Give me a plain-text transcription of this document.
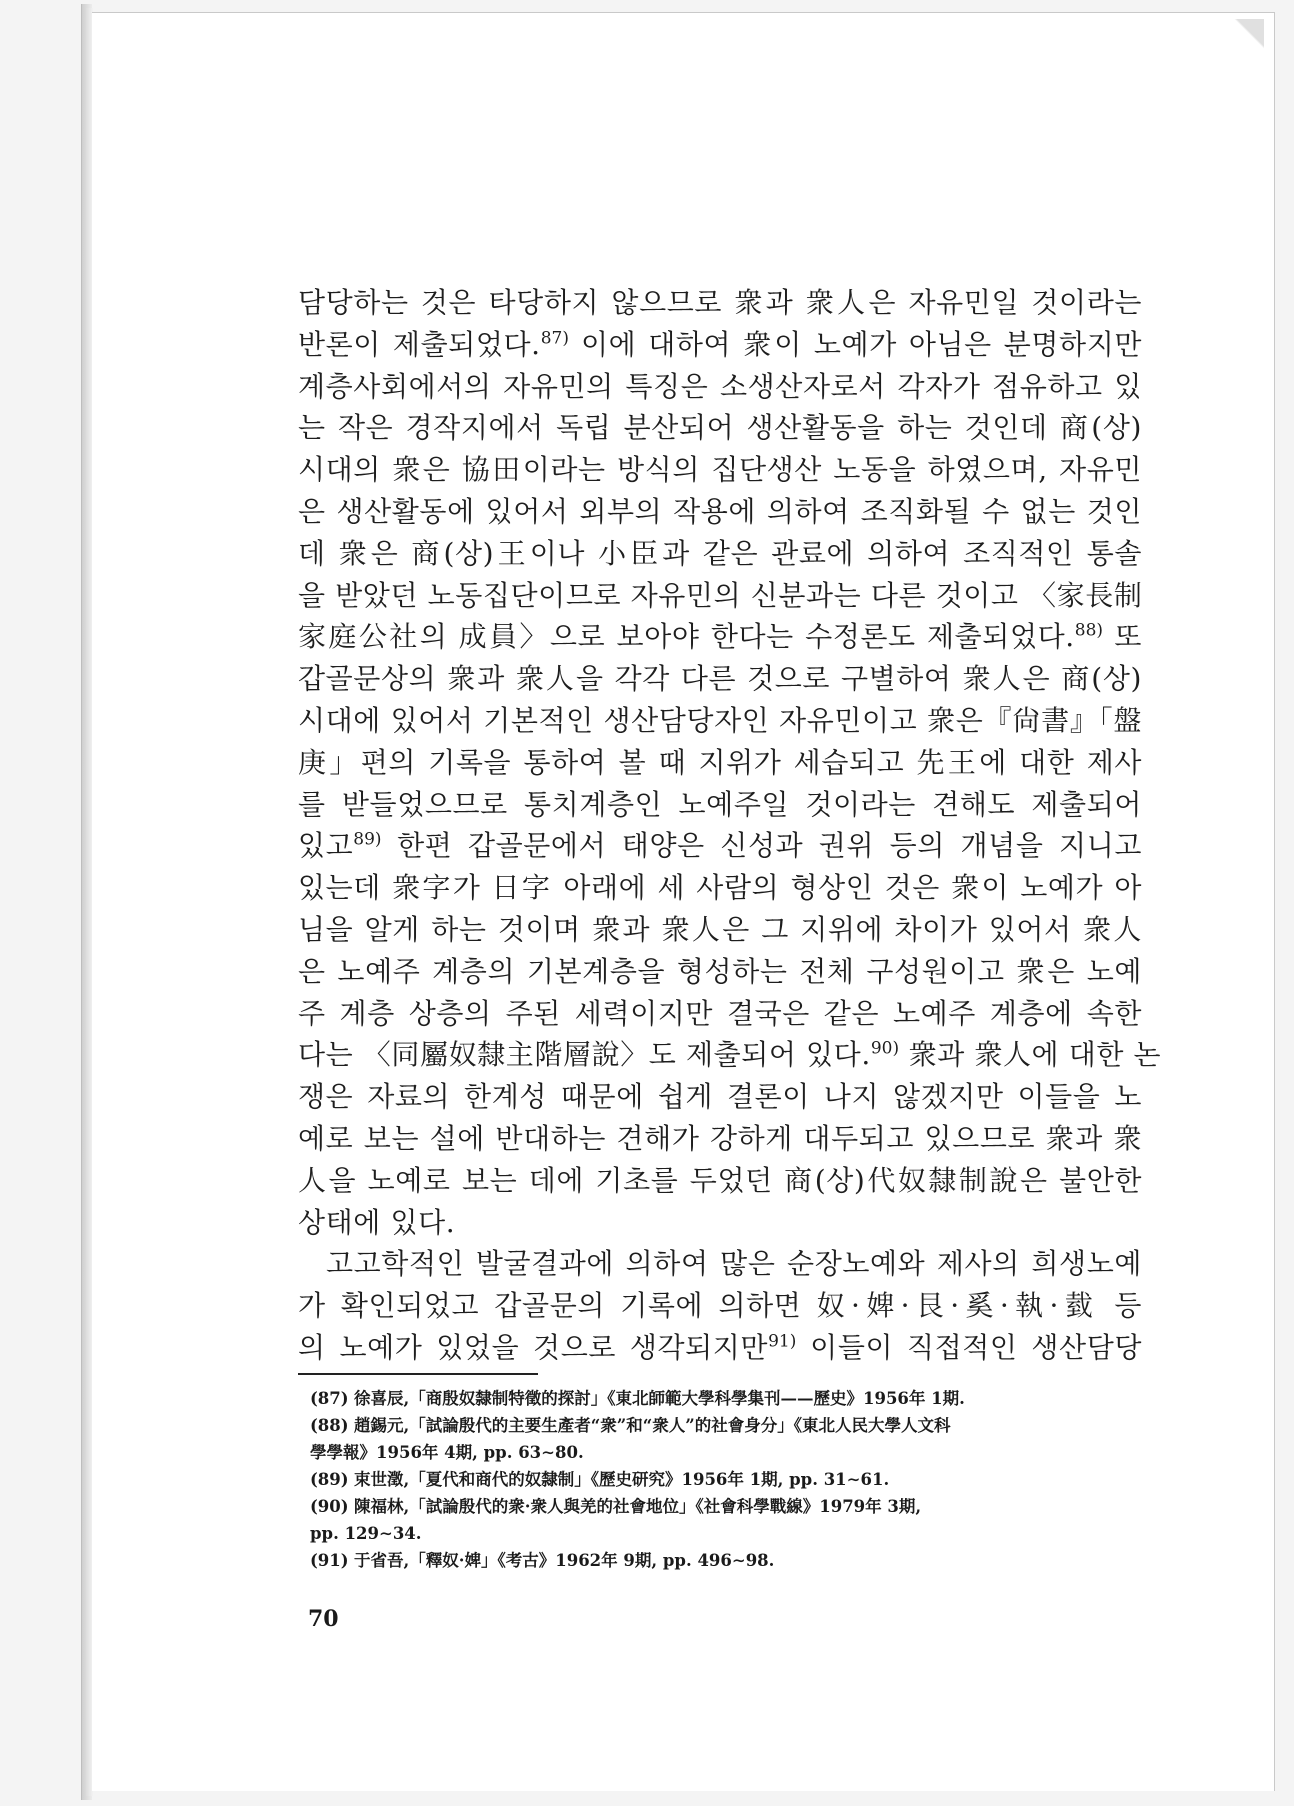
담당하는 것은 타당하지 않으므로 衆과 衆人은 자유민일 것이라는
반론이 제출되었다.$^{87)}$ 이에 대하여 衆이 노예가 아님은 분명하지만
계층사회에서의 자유민의 특징은 소생산자로서 각자가 점유하고 있
는 작은 경작지에서 독립 분산되어 생산활동을 하는 것인데 商(상)
시대의 衆은 協田이라는 방식의 집단생산 노동을 하였으며, 자유민
은 생산활동에 있어서 외부의 작용에 의하여 조직화될 수 없는 것인
데 衆은 商(상)王이나 小臣과 같은 관료에 의하여 조직적인 통솔
을 받았던 노동집단이므로 자유민의 신분과는 다른 것이고 〈家長制
家庭公社의 成員〉으로 보아야 한다는 수정론도 제출되었다.$^{88)}$ 또
갑골문상의 衆과 衆人을 각각 다른 것으로 구별하여 衆人은 商(상)
시대에 있어서 기본적인 생산담당자인 자유민이고 衆은『尙書』「盤
庚」편의 기록을 통하여 볼 때 지위가 세습되고 先王에 대한 제사
를 받들었으므로 통치계층인 노예주일 것이라는 견해도 제출되어
있고$^{89)}$ 한편 갑골문에서 태양은 신성과 권위 등의 개념을 지니고
있는데 衆字가 日字 아래에 세 사람의 형상인 것은 衆이 노예가 아
님을 알게 하는 것이며 衆과 衆人은 그 지위에 차이가 있어서 衆人
은 노예주 계층의 기본계층을 형성하는 전체 구성원이고 衆은 노예
주 계층 상층의 주된 세력이지만 결국은 같은 노예주 계층에 속한
다는 〈同屬奴隸主階層說〉도 제출되어 있다.$^{90)}$ 衆과 衆人에 대한 논
쟁은 자료의 한계성 때문에 쉽게 결론이 나지 않겠지만 이들을 노
예로 보는 설에 반대하는 견해가 강하게 대두되고 있으므로 衆과 衆
人을 노예로 보는 데에 기초를 두었던 商(상)代奴隸制說은 불안한
상태에 있다.
고고학적인 발굴결과에 의하여 많은 순장노예와 제사의 희생노예
가 확인되었고 갑골문의 기록에 의하면 奴·婢·艮·奚·執·臷 등
의 노예가 있었을 것으로 생각되지만$^{91)}$ 이들이 직접적인 생산담당
(87) 徐喜辰,「商殷奴隸制特徵的探討」《東北師範大學科學集刊——歷史》1956年 1期.
(88) 趙錫元,「試論殷代的主要生產者“衆”和“衆人”的社會身分」《東北人民大學人文科
學學報》1956年 4期, pp. 63∼80.
(89) 束世澂,「夏代和商代的奴隸制」《歷史研究》1956年 1期, pp. 31∼61.
(90) 陳福林,「試論殷代的衆·衆人與羌的社會地位」《社會科學戰線》1979年 3期,
pp. 129∼34.
(91) 于省吾,「釋奴·婢」《考古》1962年 9期, pp. 496∼98.
70
